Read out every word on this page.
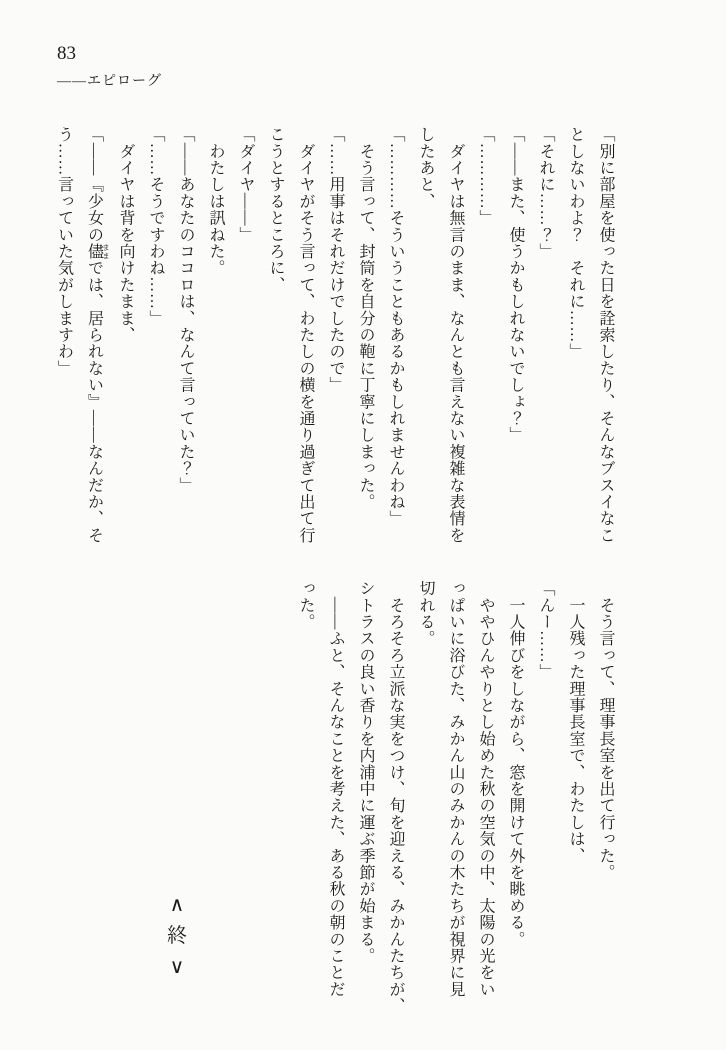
83
――エピローグ
「別に部屋を使った日を詮索したり、そんなブスイなこ
としないわよ？　それに……」
「それに……？」
「――また、使うかもしれないでしょ？」
「…………」
　ダイヤは無言のまま、なんとも言えない複雑な表情を
したあと、
「…………そういうこともあるかもしれませんわね」
　そう言って、封筒を自分の鞄に丁寧にしまった。
「……用事はそれだけでしたので」
　ダイヤがそう言って、わたしの横を通り過ぎて出て行
こうとするところに、
「ダイヤ――」
　わたしは訊ねた。
「――あなたのココロは、なんて言っていた？」
「……そうですわね……」
　ダイヤは背を向けたまま、
「――『少女の儘 ままでは、居られない』――なんだか、そ
う……言っていた気がしますわ」
　そう言って、理事長室を出て行った。
　一人残った理事長室で、わたしは、
「んー……」
　一人伸びをしながら、窓を開けて外を眺める。
　ややひんやりとし始めた秋の空気の中、太陽の光をい
っぱいに浴びた、みかん山のみかんの木たちが視界に見
切れる。
　そろそろ立派な実をつけ、旬を迎える、みかんたちが、
シトラスの良い香りを内浦中に運ぶ季節が始まる。
　――ふと、そんなことを考えた、ある秋の朝のことだ
った。
∧
終
∨
